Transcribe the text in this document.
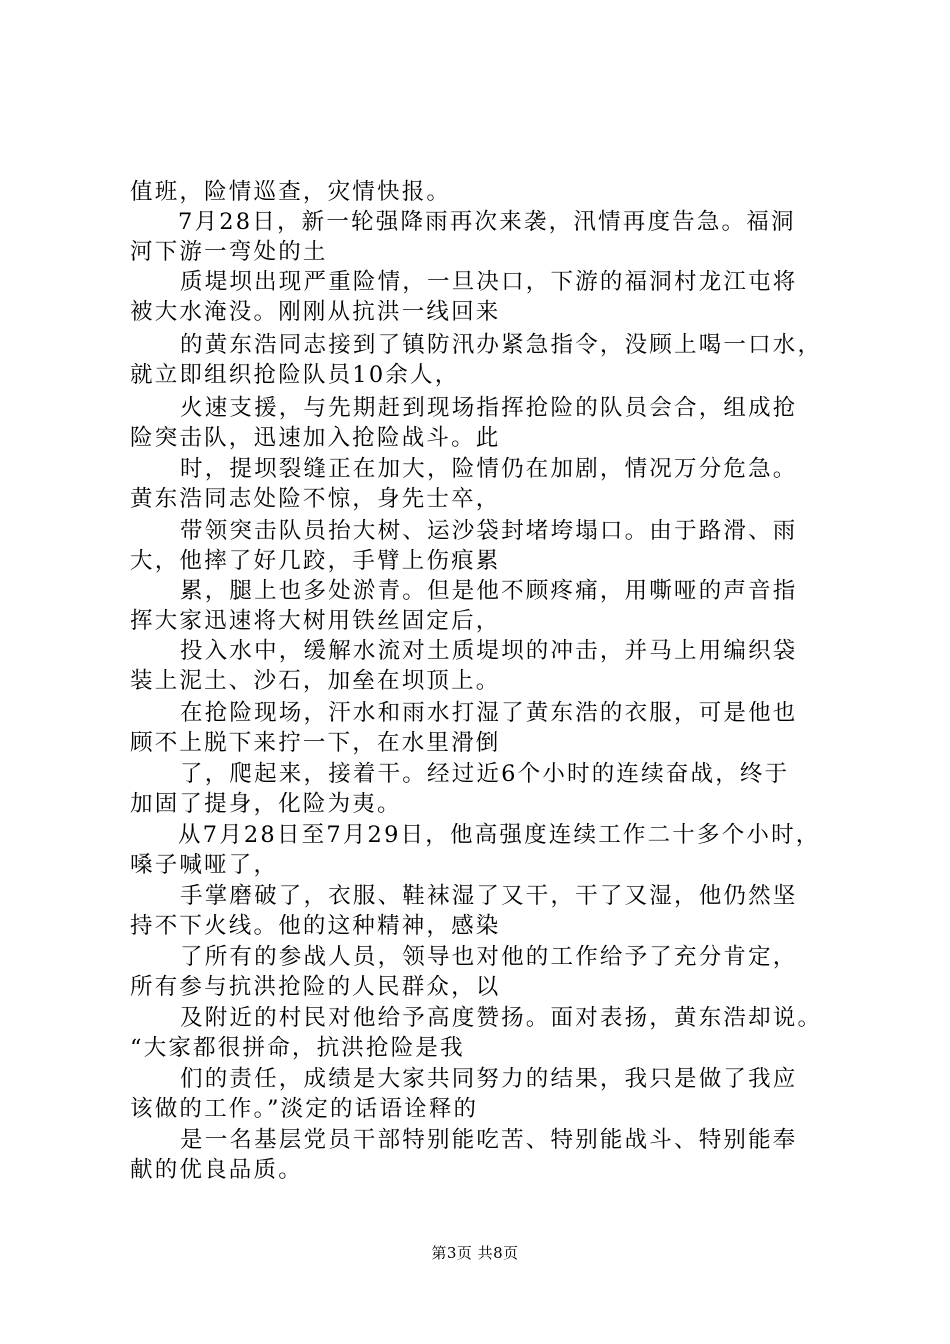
值班，险情巡查，灾情快报。
7月28日，新一轮强降雨再次来袭，汛情再度告急。福洞
河下游一弯处的土
质堤坝出现严重险情，一旦决口，下游的福洞村龙江屯将
被大水淹没。刚刚从抗洪一线回来
的黄东浩同志接到了镇防汛办紧急指令，没顾上喝一口水，
就立即组织抢险队员10余人，
火速支援，与先期赶到现场指挥抢险的队员会合，组成抢
险突击队，迅速加入抢险战斗。此
时，提坝裂缝正在加大，险情仍在加剧，情况万分危急。
黄东浩同志处险不惊，身先士卒，
带领突击队员抬大树、运沙袋封堵垮塌口。由于路滑、雨
大，他摔了好几跤，手臂上伤痕累
累，腿上也多处淤青。但是他不顾疼痛，用嘶哑的声音指
挥大家迅速将大树用铁丝固定后，
投入水中，缓解水流对土质堤坝的冲击，并马上用编织袋
装上泥土、沙石，加垒在坝顶上。
在抢险现场，汗水和雨水打湿了黄东浩的衣服，可是他也
顾不上脱下来拧一下，在水里滑倒
了，爬起来，接着干。经过近6个小时的连续奋战，终于
加固了提身，化险为夷。
从7月28日至7月29日，他高强度连续工作二十多个小时，
嗓子喊哑了，
手掌磨破了，衣服、鞋袜湿了又干，干了又湿，他仍然坚
持不下火线。他的这种精神，感染
了所有的参战人员，领导也对他的工作给予了充分肯定，
所有参与抗洪抢险的人民群众，以
及附近的村民对他给予高度赞扬。面对表扬，黄东浩却说。
“大家都很拼命，抗洪抢险是我
们的责任，成绩是大家共同努力的结果，我只是做了我应
该做的工作。”淡定的话语诠释的
是一名基层党员干部特别能吃苦、特别能战斗、特别能奉
献的优良品质。
第3页 共8页
